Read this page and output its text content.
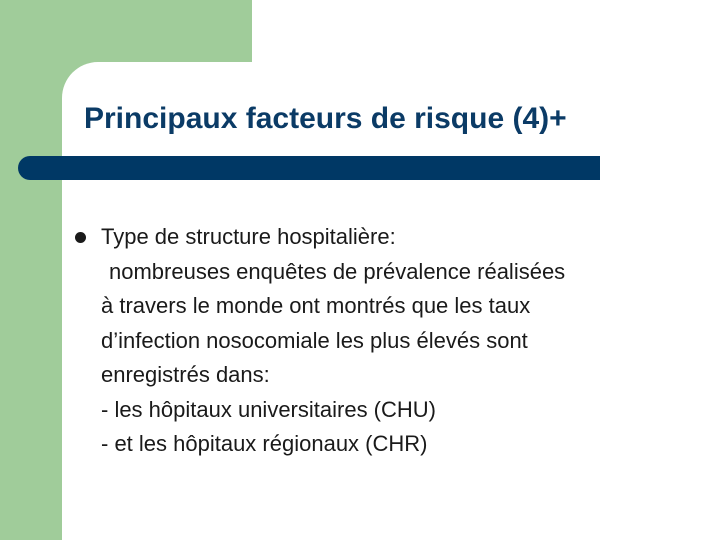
Principaux facteurs de risque (4)+
Type de structure hospitalière:
nombreuses enquêtes de prévalence réalisées
à travers le monde ont montrés que les taux
d’infection nosocomiale les plus élevés sont
enregistrés dans:
- les hôpitaux universitaires (CHU)
- et les hôpitaux régionaux (CHR)
